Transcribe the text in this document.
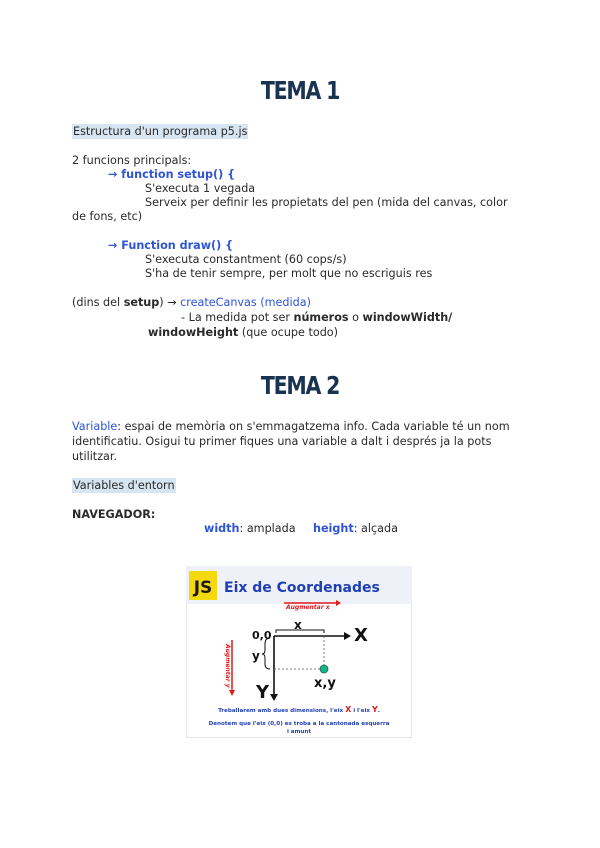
TEMA 1
Estructura d'un programa p5.js
2 funcions principals:
→ function setup() {
S'executa 1 vegada
Serveix per definir les propietats del pen (mida del canvas, color
de fons, etc)
→ Function draw() {
S'executa constantment (60 cops/s)
S'ha de tenir sempre, per molt que no escriguis res
(dins del setup) → createCanvas (medida)
- La medida pot ser números o windowWidth/
windowHeight (que ocupe todo)
TEMA 2
Variable: espai de memòria on s'emmagatzema info. Cada variable té un nom
identificatiu. Osigui tu primer fiques una variable a dalt i després ja la pots
utilitzar.
Variables d'entorn
NAVEGADOR:
width: amplada height: alçada
JS Eix de Coordenades
Augmentar x
Augmentar y
0,0	X
Y
x
y
x,y
Treballarem amb dues dimensions, l'eix X i l'eix Y.
Denotem que l'eix (0,0) es troba a la cantonada esquerra
i amunt
